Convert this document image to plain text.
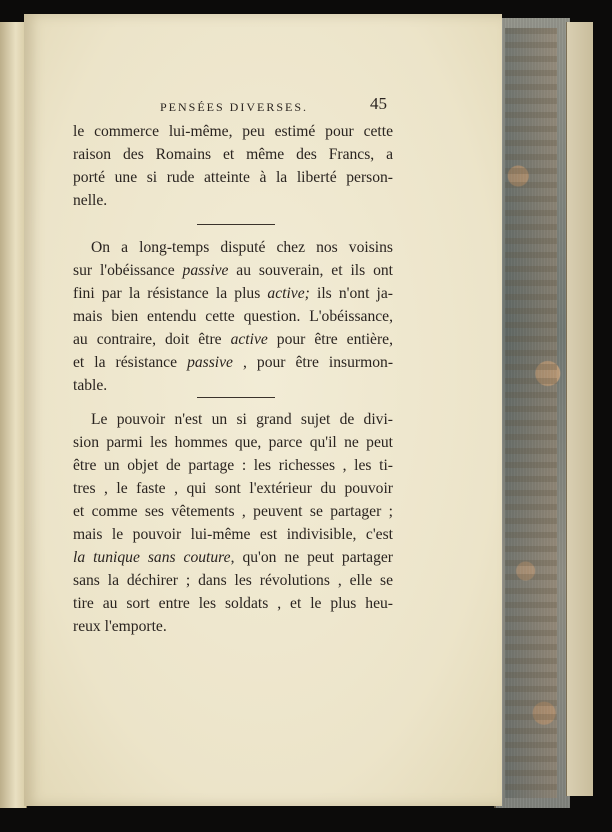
PENSÉES DIVERSES.	45
le commerce lui-même, peu estimé pour cette
raison des Romains et même des Francs, a
porté une si rude atteinte à la liberté person-
nelle.
On a long-temps disputé chez nos voisins
sur l'obéissance passive au souverain, et ils ont
fini par la résistance la plus active; ils n'ont ja-
mais bien entendu cette question. L'obéissance,
au contraire, doit être active pour être entière,
et la résistance passive , pour être insurmon-
table.
Le pouvoir n'est un si grand sujet de divi-
sion parmi les hommes que, parce qu'il ne peut
être un objet de partage : les richesses , les ti-
tres , le faste , qui sont l'extérieur du pouvoir
et comme ses vêtements , peuvent se partager ;
mais le pouvoir lui-même est indivisible, c'est
la tunique sans couture, qu'on ne peut partager
sans la déchirer ; dans les révolutions , elle se
tire au sort entre les soldats , et le plus heu-
reux l'emporte.
